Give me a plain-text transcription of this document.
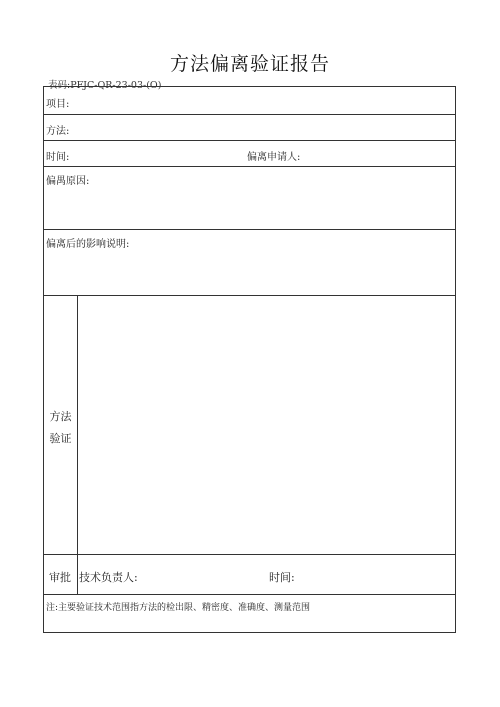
方法偏离验证报告
表码:PFJC-QR-23-03-(O)
项目:
方法:
时间:	偏离申请人:
偏禺原因:
偏离后的影响说明:
方法
验证
审批 技术负责人:	时间:
注:主要验证技术范围指方法的检出限、精密度、准确度、测量范围
